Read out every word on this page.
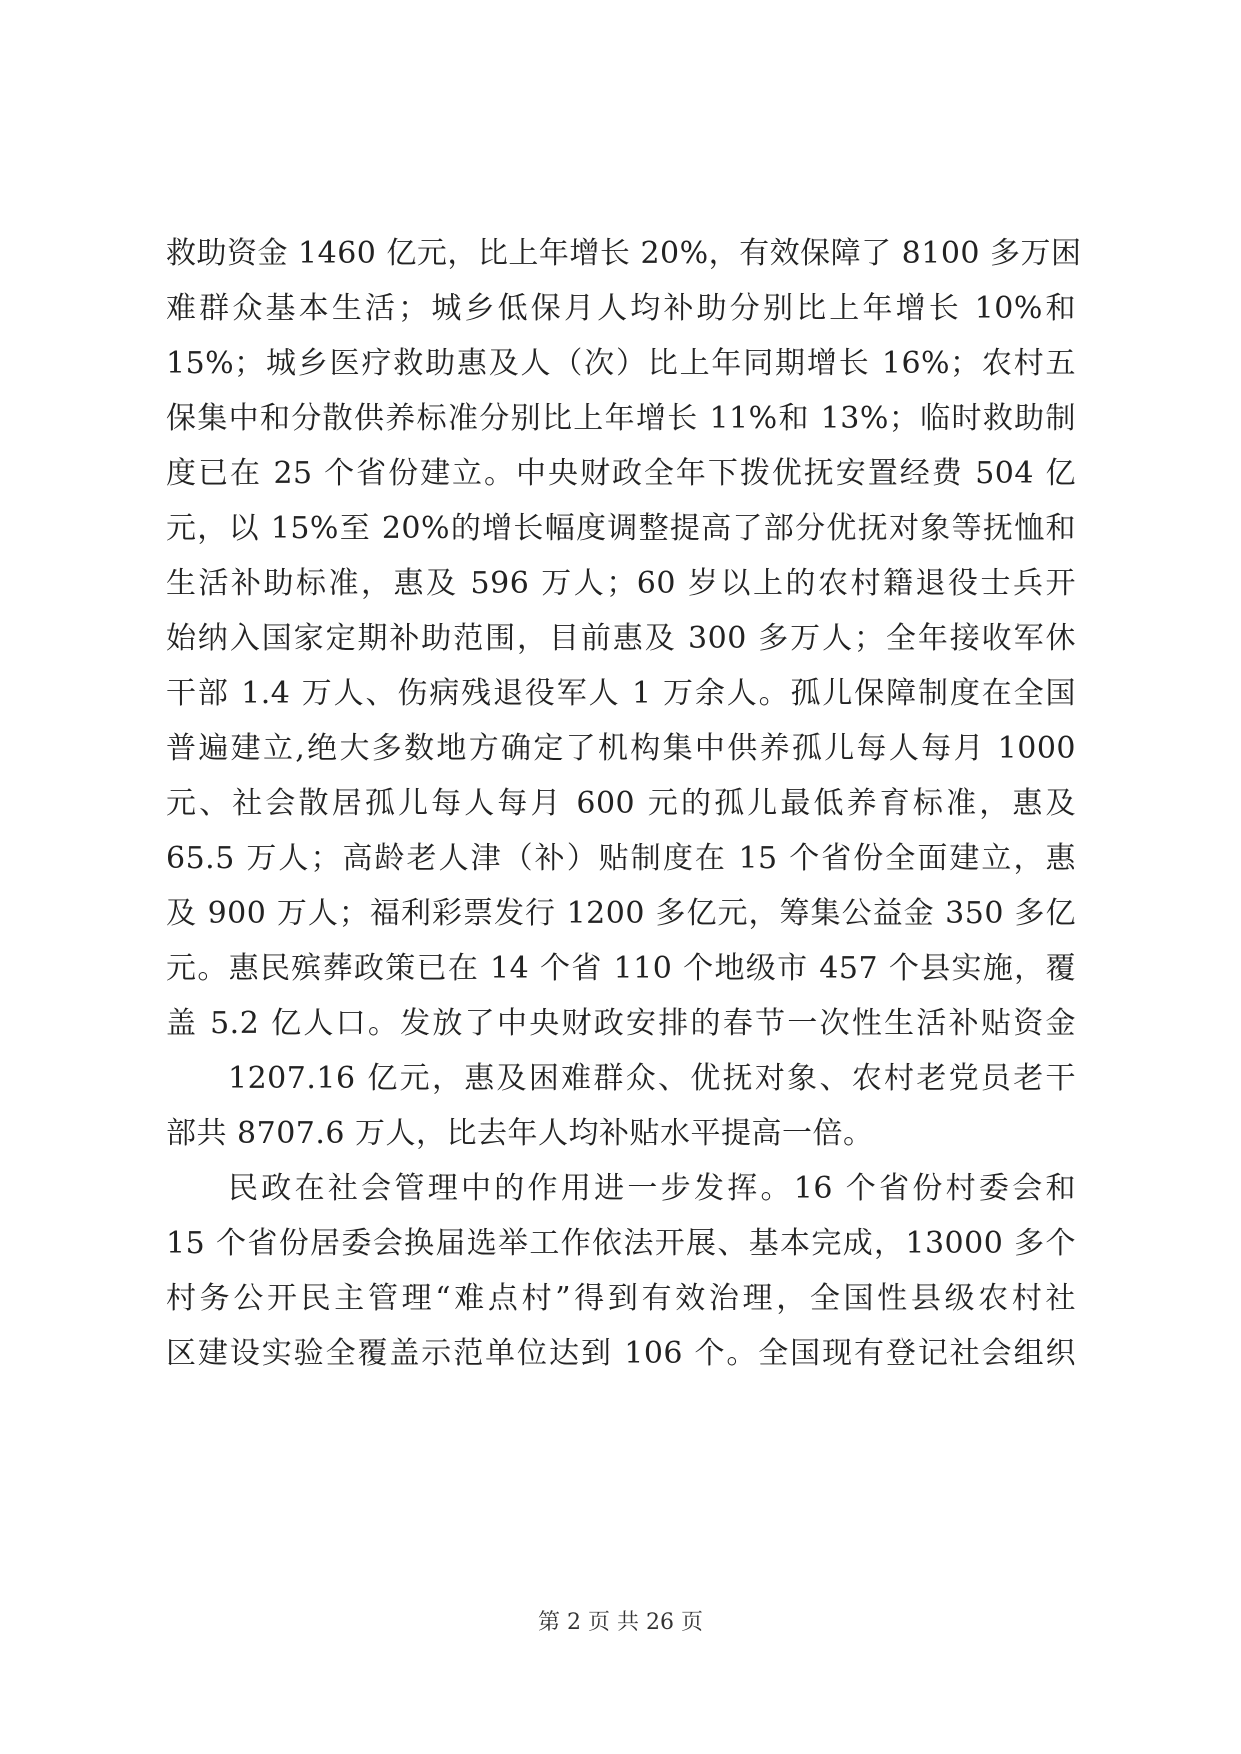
救助资金 1460 亿元，比上年增长 20%，有效保障了 8100 多万困
难群众基本生活；城乡低保月人均补助分别比上年增长 10%和
15%；城乡医疗救助惠及人（次）比上年同期增长 16%；农村五
保集中和分散供养标准分别比上年增长 11%和 13%；临时救助制
度已在 25 个省份建立。中央财政全年下拨优抚安置经费 504 亿
元，以 15%至 20%的增长幅度调整提高了部分优抚对象等抚恤和
生活补助标准，惠及 596 万人；60 岁以上的农村籍退役士兵开
始纳入国家定期补助范围，目前惠及 300 多万人；全年接收军休
干部 1.4 万人、伤病残退役军人 1 万余人。孤儿保障制度在全国
普遍建立,绝大多数地方确定了机构集中供养孤儿每人每月 1000
元、社会散居孤儿每人每月 600 元的孤儿最低养育标准，惠及
65.5 万人；高龄老人津（补）贴制度在 15 个省份全面建立，惠
及 900 万人；福利彩票发行 1200 多亿元，筹集公益金 350 多亿
元。惠民殡葬政策已在 14 个省 110 个地级市 457 个县实施，覆
盖 5.2 亿人口。发放了中央财政安排的春节一次性生活补贴资金
1207.16 亿元，惠及困难群众、优抚对象、农村老党员老干
部共 8707.6 万人，比去年人均补贴水平提高一倍。
民政在社会管理中的作用进一步发挥。16 个省份村委会和
15 个省份居委会换届选举工作依法开展、基本完成，13000 多个
村务公开民主管理“难点村”得到有效治理，全国性县级农村社
区建设实验全覆盖示范单位达到 106 个。全国现有登记社会组织
第 2 页 共 26 页
